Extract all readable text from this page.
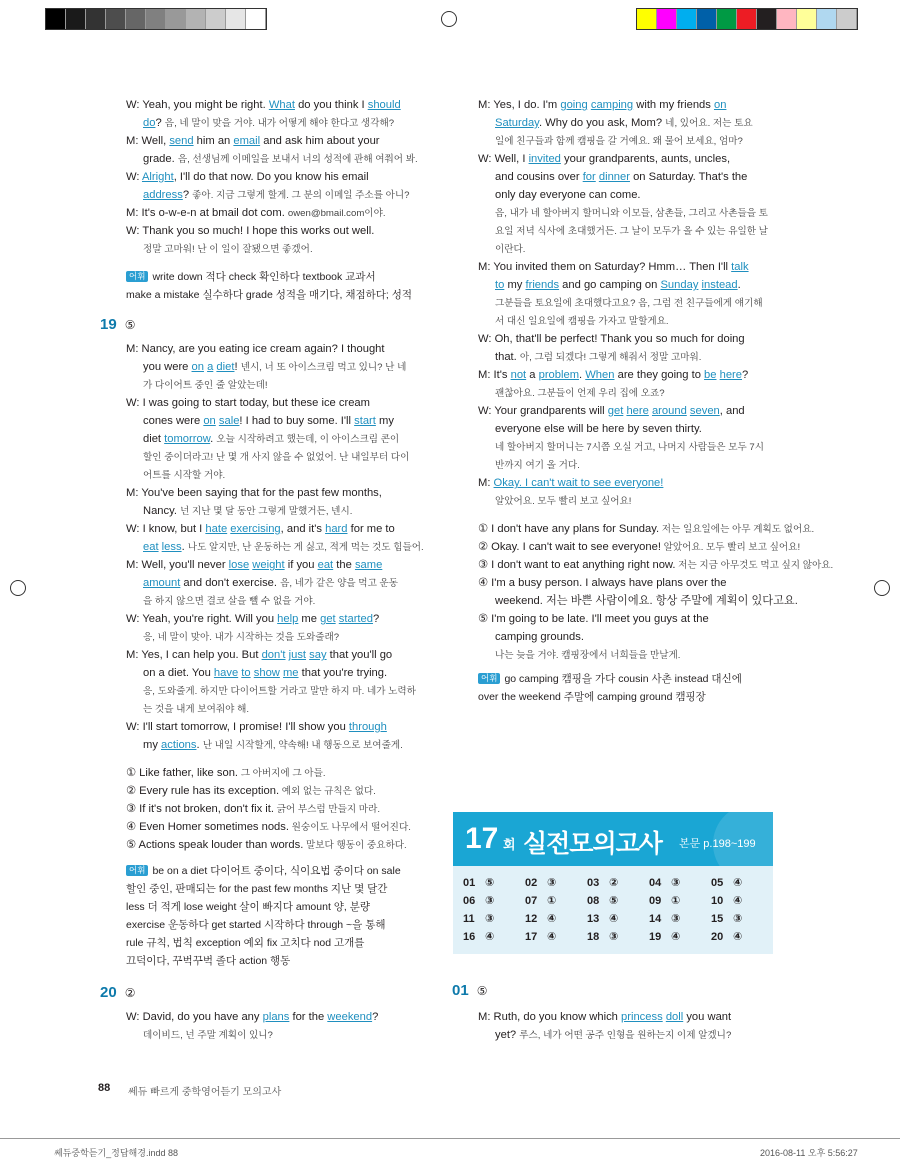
W: Yeah, you might be right. What do you think I should
do? 음, 네 말이 맞을 거야. 내가 어떻게 해야 한다고 생각해?
M: Well, send him an email and ask him about your
grade. 음, 선생님께 이메일을 보내서 너의 성적에 관해 여쭤어 봐.
W: Alright, I'll do that now. Do you know his email
address? 좋아. 지금 그렇게 할게. 그 분의 이메일 주소를 아니?
M: It's o-w-e-n at bmail dot com. owen@bmail.com이야.
W: Thank you so much! I hope this works out well.
정말 고마워! 난 이 일이 잘됐으면 좋겠어.
어휘 write down 적다 check 확인하다 textbook 교과서
make a mistake 실수하다 grade 성적을 매기다, 채점하다; 성적
19 ⑤
M: Nancy, are you eating ice cream again? I thought
you were on a diet! 넨시, 너 또 아이스크림 먹고 있니? 난 네
가 다이어트 중인 줄 알았는데!
W: I was going to start today, but these ice cream
cones were on sale! I had to buy some. I'll start my
diet tomorrow. 오늘 시작하려고 했는데, 이 아이스크림 콘이
할인 중이더라고! 난 몇 개 사지 않을 수 없었어. 난 내일부터 다이
어트를 시작할 거야.
M: You've been saying that for the past few months,
Nancy. 넌 지난 몇 달 동안 그렇게 말했거든, 넨시.
W: I know, but I hate exercising, and it's hard for me to
eat less. 나도 알지만, 난 운동하는 게 싫고, 적게 먹는 것도 힘들어.
M: Well, you'll never lose weight if you eat the same
amount and don't exercise. 음, 네가 같은 양을 먹고 운동
을 하지 않으면 결코 살을 뺄 수 없을 거야.
W: Yeah, you're right. Will you help me get started?
응, 네 말이 맞아. 내가 시작하는 것을 도와줄래?
M: Yes, I can help you. But don't just say that you'll go
on a diet. You have to show me that you're trying.
응, 도와줄게. 하지만 다이어트할 거라고 말만 하지 마. 네가 노력하
는 것을 내게 보여줘야 해.
W: I'll start tomorrow, I promise! I'll show you through
my actions. 난 내일 시작할게, 약속해! 내 행동으로 보여줄게.
① Like father, like son. 그 아버지에 그 아들.
② Every rule has its exception. 예외 없는 규칙은 없다.
③ If it's not broken, don't fix it. 긁어 부스럼 만들지 마라.
④ Even Homer sometimes nods. 원숭이도 나무에서 떨어진다.
⑤ Actions speak louder than words. 말보다 행동이 중요하다.
어휘 be on a diet 다이어트 중이다, 식이요법 중이다 on sale
할인 중인, 판매되는 for the past few months 지난 몇 달간
less 더 적게 lose weight 살이 빠지다 amount 양, 분량
exercise 운동하다 get started 시작하다 through ~을 통해
rule 규칙, 법칙 exception 예외 fix 고치다 nod 고개를
끄덕이다, 꾸벅꾸벅 졸다 action 행동
20 ②
W: David, do you have any plans for the weekend?
데이비드, 넌 주말 계획이 있니?
M: Yes, I do. I'm going camping with my friends on
Saturday. Why do you ask, Mom? 네, 있어요. 저는 토요
일에 친구들과 함께 캠핑을 갈 거예요. 왜 물어 보세요, 엄마?
W: Well, I invited your grandparents, aunts, uncles,
and cousins over for dinner on Saturday. That's the
only day everyone can come.
음, 내가 네 할아버지 할머니와 이모들, 삼촌들, 그리고 사촌들을 토
요일 저녁 식사에 초대했거든. 그 날이 모두가 올 수 있는 유일한 날
이란다.
M: You invited them on Saturday? Hmm… Then I'll talk
to my friends and go camping on Sunday instead.
그분들을 토요일에 초대했다고요? 음, 그럼 전 친구들에게 얘기해
서 대신 일요일에 캠핑을 가자고 말할게요.
W: Oh, that'll be perfect! Thank you so much for doing
that. 아, 그럼 되겠다! 그렇게 해줘서 정말 고마워.
M: It's not a problem. When are they going to be here?
괜찮아요. 그분들이 언제 우리 집에 오죠?
W: Your grandparents will get here around seven, and
everyone else will be here by seven thirty.
네 할아버지 할머니는 7시쯤 오실 거고, 나머지 사람들은 모두 7시
반까지 여기 올 거다.
M: Okay. I can't wait to see everyone!
알았어요. 모두 빨리 보고 싶어요!
① I don't have any plans for Sunday. 저는 일요일에는 아무 계획도 없어요.
② Okay. I can't wait to see everyone! 알았어요. 모두 빨리 보고 싶어요!
③ I don't want to eat anything right now. 저는 지금 아무것도 먹고 싶지 않아요.
④ I'm a busy person. I always have plans over the
weekend. 저는 바쁜 사람이에요. 항상 주말에 계획이 있다고요.
⑤ I'm going to be late. I'll meet you guys at the
camping grounds.
나는 늦을 거야. 캠핑장에서 너희들을 만날게.
어휘 go camping 캠핑을 가다 cousin 사촌 instead 대신에
over the weekend 주말에 camping ground 캠핑장
17 회 실전모의고사 본문 p.198~199
01 ⑤	02 ③	03 ②	04 ③	05 ④
06 ③	07 ①	08 ⑤	09 ①	10 ④
11 ③	12 ④	13 ④	14 ③	15 ③
16 ④	17 ④	18 ③	19 ④	20 ④
01 ⑤
M: Ruth, do you know which princess doll you want
yet? 루스, 네가 어떤 공주 인형을 원하는지 이제 알겠니?
88 쎄듀 빠르게 중학영어듣기 모의고사
쎄듀중학듣기_정답해경.indd 88	2016-08-11 오후 5:56:27
